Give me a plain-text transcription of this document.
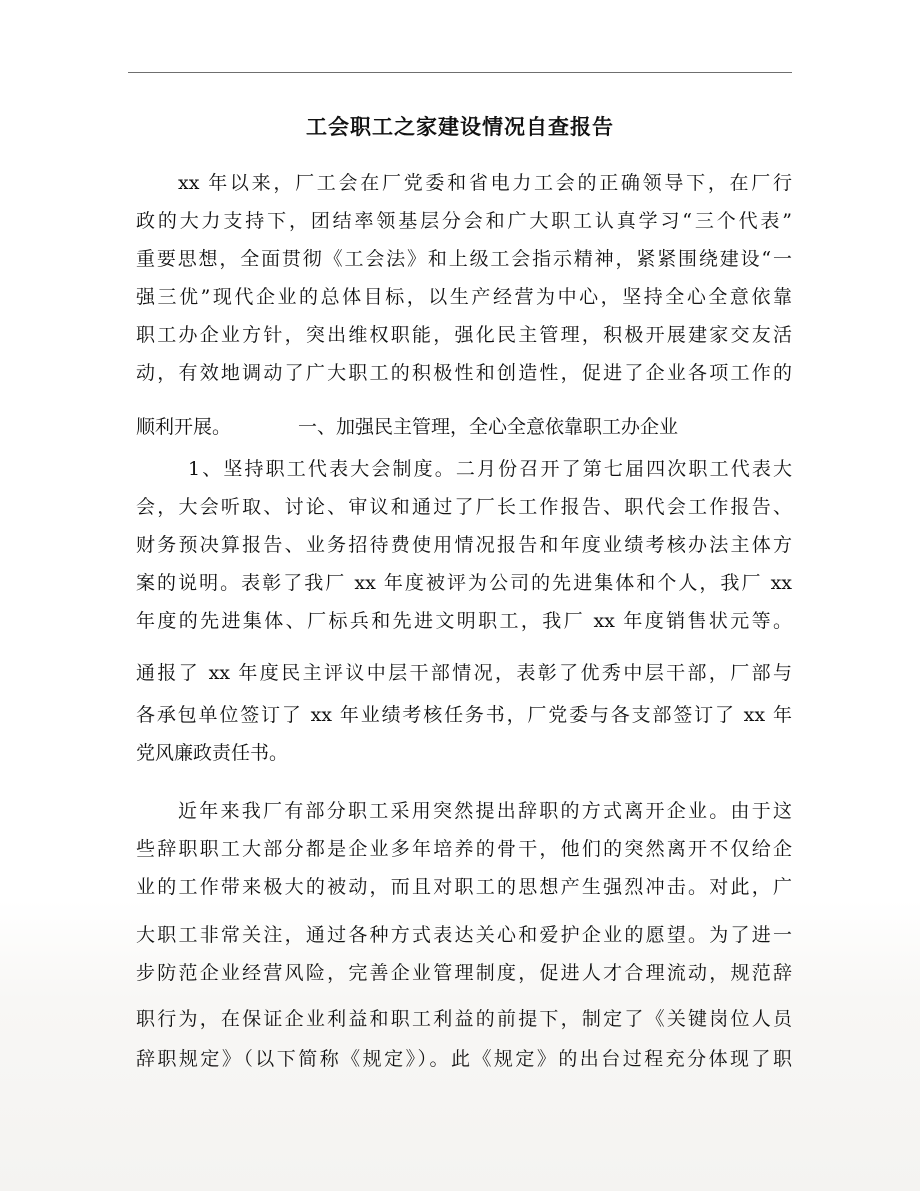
工会职工之家建设情况自查报告
xx 年以来，厂工会在厂党委和省电力工会的正确领导下，在厂行
政的大力支持下，团结率领基层分会和广大职工认真学习“三个代表”
重要思想，全面贯彻《工会法》和上级工会指示精神，紧紧围绕建设“一
强三优”现代企业的总体目标，以生产经营为中心，坚持全心全意依靠
职工办企业方针，突出维权职能，强化民主管理，积极开展建家交友活
动，有效地调动了广大职工的积极性和创造性，促进了企业各项工作的
顺利开展。	一、加强民主管理，全心全意依靠职工办企业
1、坚持职工代表大会制度。二月份召开了第七届四次职工代表大
会，大会听取、讨论、审议和通过了厂长工作报告、职代会工作报告、
财务预决算报告、业务招待费使用情况报告和年度业绩考核办法主体方
案的说明。表彰了我厂 xx 年度被评为公司的先进集体和个人，我厂 xx
年度的先进集体、厂标兵和先进文明职工，我厂 xx 年度销售状元等。
通报了 xx 年度民主评议中层干部情况，表彰了优秀中层干部，厂部与
各承包单位签订了 xx 年业绩考核任务书，厂党委与各支部签订了 xx 年
党风廉政责任书。
近年来我厂有部分职工采用突然提出辞职的方式离开企业。由于这
些辞职职工大部分都是企业多年培养的骨干，他们的突然离开不仅给企
业的工作带来极大的被动，而且对职工的思想产生强烈冲击。对此，广
大职工非常关注，通过各种方式表达关心和爱护企业的愿望。为了进一
步防范企业经营风险，完善企业管理制度，促进人才合理流动，规范辞
职行为，在保证企业利益和职工利益的前提下，制定了《关键岗位人员
辞职规定》（以下简称《规定》）。此《规定》的出台过程充分体现了职
